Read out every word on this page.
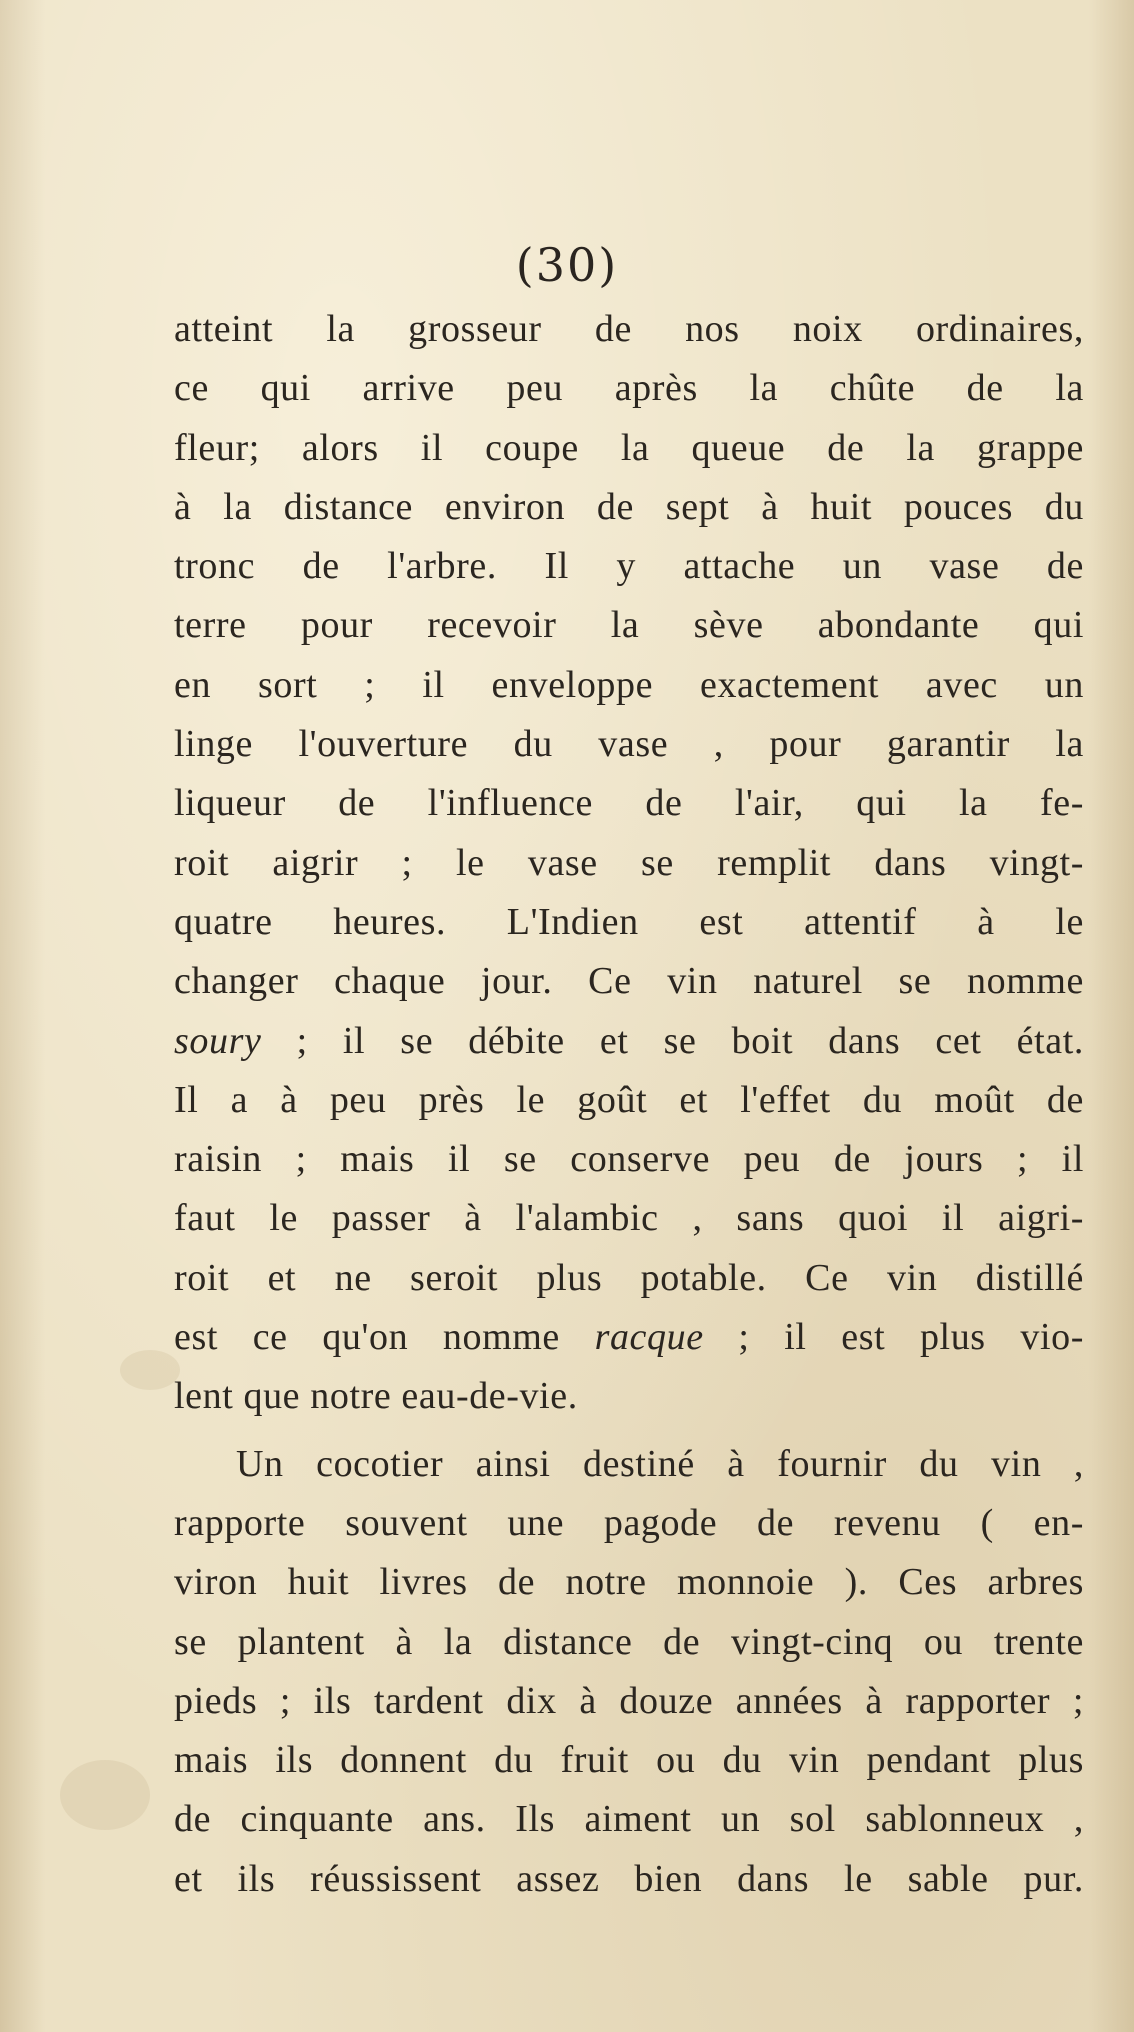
(30)
atteint la grosseur de nos noix ordinaires,
ce qui arrive peu après la chûte de la
fleur; alors il coupe la queue de la grappe
à la distance environ de sept à huit pouces du
tronc de l'arbre. Il y attache un vase de
terre pour recevoir la sève abondante qui
en sort ; il enveloppe exactement avec un
linge l'ouverture du vase , pour garantir la
liqueur de l'influence de l'air, qui la fe-
roit aigrir ; le vase se remplit dans vingt-
quatre heures. L'Indien est attentif à le
changer chaque jour. Ce vin naturel se nomme
soury ; il se débite et se boit dans cet état.
Il a à peu près le goût et l'effet du moût de
raisin ; mais il se conserve peu de jours ; il
faut le passer à l'alambic , sans quoi il aigri-
roit et ne seroit plus potable. Ce vin distillé
est ce qu'on nomme racque ; il est plus vio-
lent que notre eau-de-vie.
Un cocotier ainsi destiné à fournir du vin ,
rapporte souvent une pagode de revenu ( en-
viron huit livres de notre monnoie ). Ces arbres
se plantent à la distance de vingt-cinq ou trente
pieds ; ils tardent dix à douze années à rapporter ;
mais ils donnent du fruit ou du vin pendant plus
de cinquante ans. Ils aiment un sol sablonneux ,
et ils réussissent assez bien dans le sable pur.
